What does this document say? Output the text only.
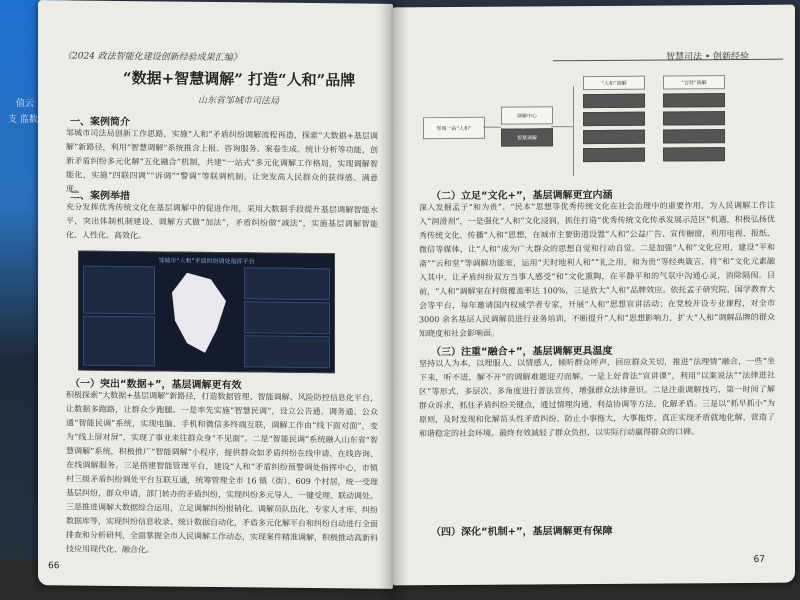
值云
支 监数
《2024 政法智能化建设创新经验成果汇编》
“数据+智慧调解” 打造“人和”品牌
山东省邹城市司法局
一、案例简介
邹城市司法局创新工作思路，实施“人和”矛盾纠纷调解流程再造，探索“大数据+基层调解”新路径，利用“智慧调解”系统推含上报、咨询服务、案卷生成、统计分析等功能，创新矛盾纠纷多元化解“五化融合”机制，共建“一站式”多元化调解工作格局，实现调解智能化，实施“四联四调”“诉调”“警调”等联调机制，让突发高人民群众的获得感、满意度。
二、案例举措
充分发挥优秀传统文化在基层调解中的促进作用，采用大数据手段提升基层调解智能水平，突出体制机制建设、调解方式做“加法”，矛盾纠纷做“减法”，实施基层调解智能化、人性化、高效化。
邹城市“人和”矛盾纠纷调处指挥平台
（一）突出“数据+”，基层调解更有效
积极探索“大数据+基层调解”新路径，打造数据管理、智能调解、风险防控信息化平台，让数据多跑路，让群众少跑腿。一是率先实施“智慧民调”，设立公告通、调务通、公众通“智能民调”系统，实现电脑、手机和微信多终端互联，调解工作由“线下面对面”，变为“线上屏对屏”，实现了事业来往群众身“不见面”。二是“智能民调”系统融入山东省“智慧调解”系统，积极推广“智能调解”小程序，提供群众如矛盾纠纷在线申请、在线咨询、在线调解服务。三是搭建智能管理平台，建设“人和”矛盾纠纷预警调处指挥中心，市镇村三级矛盾纠纷调处平台互联互通，统筹管理全市 16 镇（街）、609 个村居，统一受理基层纠纷，群众申请，部门转办的矛盾纠纷，实现纠纷多元导入、一键受理、联动调处。三是推进调解大数据综合运用，立足调解纠纷报销化、调解员队伍化、专家人才库、纠纷数据库等，实现纠纷信息收录、统计数据自动化，矛盾多元化解平台和纠纷自动进行全面排查和分析研判，全面掌握全市人民调解工作动态，实现案件精准调解，积极推动高新科技应用现代化、融合化。
66
智慧司法 • 创新经验
邹城一站“人和”
调解中心
智慧调解
“人和”调解	“百姓”调解
（二）立足“文化+”，基层调解更宜内涵
深入发掘孟子“和为贵”、“民本”思想等优秀传统文化在社会治理中的重要作用，为人民调解工作注入“润滑剂”，一是强化“人和”文化浸润，抓住打造“优秀传统文化传承发展示范区”机遇，积极弘扬优秀传统文化、传播“人和”思想，在城市主要街道设置“人和”公益广告、宣传橱窗，利用电视、报纸、微信等媒体，让“人和”成为广大群众的思想自觉和行动自觉。二是加强“人和”文化应用，建设“平和斋”“云和堂”等调解功能室，运用“天时地利人和”“礼之用，和为贵”等经典箴言，将“和”文化元素融入其中，让矛盾纠纷双方当事人感受“和”文化熏陶，在平静平和的气氛中沟通心灵，消除隔阂。目前，“人和”调解室在村级覆盖率达 100%，三是放大“人和”品牌效应。依托孟子研究院、国学教育大会等平台，每年邀请国内权威学者专家，开展“人和”思想宣讲活动；在党校开设专业课程，对全市 3000 余名基层人民调解员进行业务培训，不断提升“人和”思想影响力，扩大“人和”调解品牌的群众知晓度和社会影响面。
（三）注重“融合+”，基层调解更具温度
坚持以人为本，以理服人、以情感人，倾听群众呼声，回应群众关切，推进“法理情”融合，一些“坐下来，听不进，解不开”的调解难题迎刃而解。一是上好普法“宣讲课”，利用“以案说法”“法律进社区”等形式，多层次、多角度进行普法宣传，增强群众法律意识。二是注重调解技巧，第一时间了解群众诉求，抓住矛盾纠纷关键点，通过情理沟通、利益协调等方法，化解矛盾。三是以“抓早抓小”为原则，及时发现和化解苗头性矛盾纠纷，防止小事拖大，大事拖炸。真正实现矛盾就地化解，营造了和谐稳定的社会环境。最终有效减轻了群众负担，以实际行动赢得群众的口碑。
（四）深化“机制+”，基层调解更有保障
67
